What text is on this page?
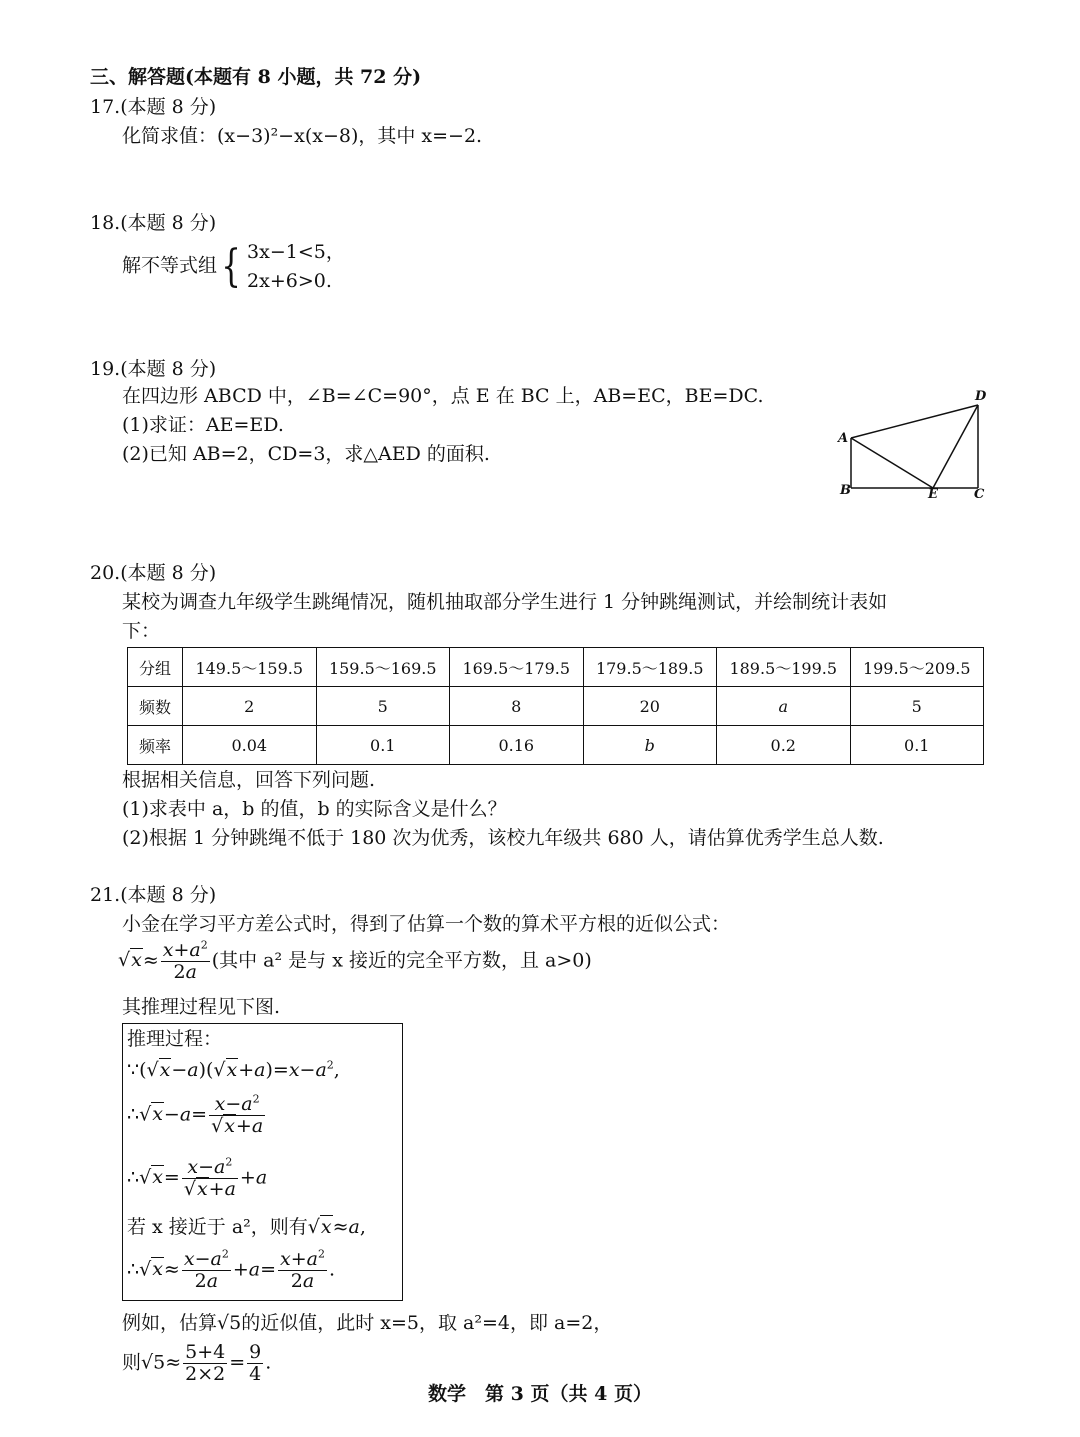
三、解答题(本题有 8 小题，共 72 分)
17.(本题 8 分)
化简求值：(x−3)²−x(x−8)，其中 x=−2.
18.(本题 8 分)
解不等式组{ 3x−1<5，
2x+6>0.
19.(本题 8 分)
在四边形 ABCD 中，∠B=∠C=90°，点 E 在 BC 上，AB=EC，BE=DC.
(1)求证：AE=ED.
(2)已知 AB=2，CD=3，求△AED 的面积.
A
B	E	C
D
20.(本题 8 分)
某校为调查九年级学生跳绳情况，随机抽取部分学生进行 1 分钟跳绳测试，并绘制统计表如
下：
分组	149.5～159.5	159.5～169.5	169.5～179.5	179.5～189.5	189.5～199.5	199.5～209.5
频数	2	5	8	20	a	5
频率	0.04	0.1	0.16	b	0.2	0.1
根据相关信息，回答下列问题.
(1)求表中 a，b 的值，b 的实际含义是什么？
(2)根据 1 分钟跳绳不低于 180 次为优秀，该校九年级共 680 人，请估算优秀学生总人数.
21.(本题 8 分)
小金在学习平方差公式时，得到了估算一个数的算术平方根的近似公式：
$√x\approx \frac{x+a^2}{2a}$ (其中 a² 是与 x 接近的完全平方数，且 a>0)
其推理过程见下图.
推理过程：
$\because(√x-a)(√x+a)=x-a^2$,
∴√x−a= $\frac{x-a^2}{√x+a}$
∴√x= $\frac{x-a^2}{√x+a} +a$
若 x 接近于 a²，则有√x≈a,
∴√x≈ $\frac{x-a^2}{2a} +a= \frac{x+a^2}{2a}$ .
例如，估算√5的近似值，此时 x=5，取 a²=4，即 a=2，
则$√5\approx \frac{5+4}{2\times 2} = \frac{9}{4}$ .
数学　第 3 页（共 4 页）
